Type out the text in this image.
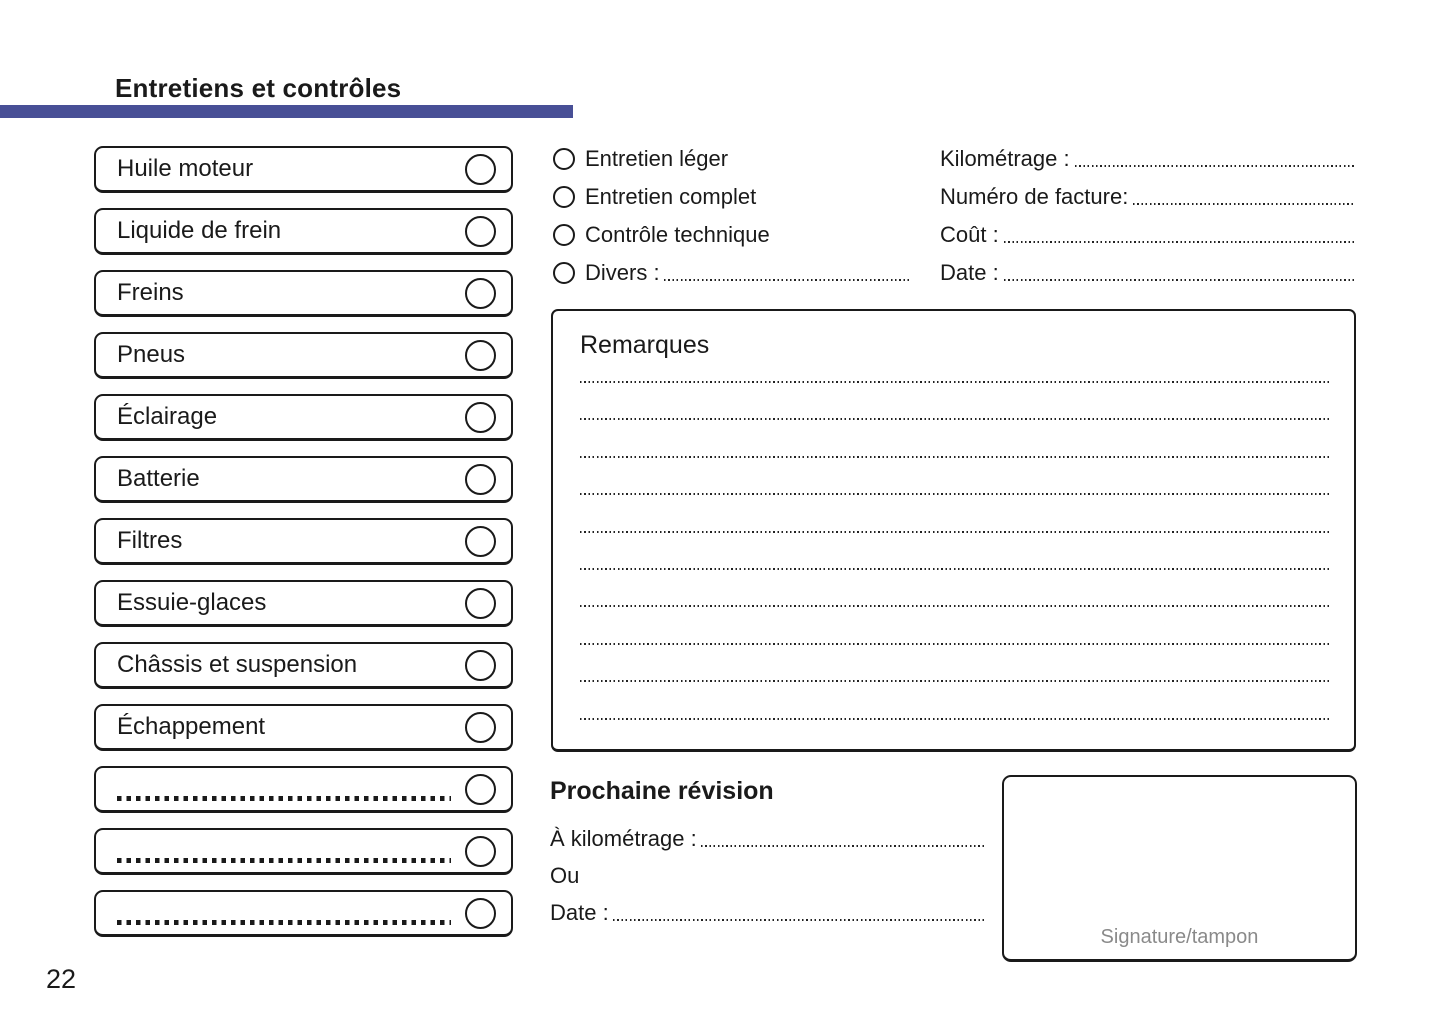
Entretiens et contrôles
Huile moteur
Liquide de frein
Freins
Pneus
Éclairage
Batterie
Filtres
Essuie-glaces
Châssis et suspension
Échappement
Entretien léger
Entretien complet
Contrôle technique
Divers :
Kilométrage :
Numéro de facture:
Coût :
Date :
Remarques
Prochaine révision
À kilométrage :
Ou
Date :
Signature/tampon
22
